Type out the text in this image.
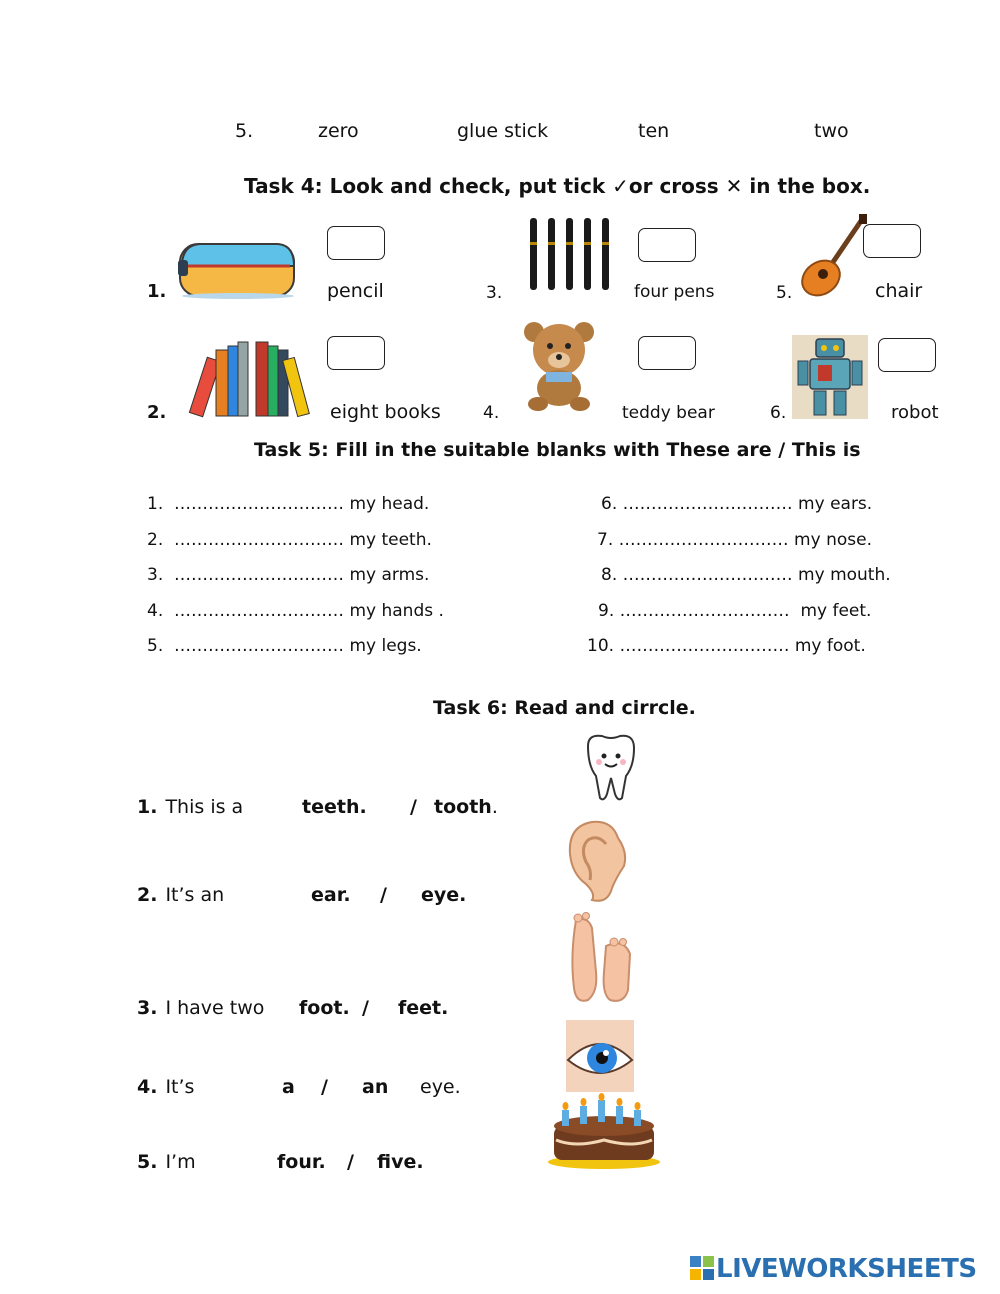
5.	zero	glue stick	ten	two
Task 4: Look and check, put tick ✓or cross ✕ in the box.
1.	pencil
2.	eight books
3.	four pens
4.	teddy bear
5.	chair
6.	robot
Task 5: Fill in the suitable blanks with These are / This is
1. ………………………… my head.
2. ………………………… my teeth.
3. ………………………… my arms.
4. ………………………… my hands .
5. ………………………… my legs.
6. ………………………… my ears.
7. ………………………… my nose.
8. ………………………… my mouth.
9. ………………………… my feet.
10. ………………………… my foot.
Task 6: Read and cirrcle.
1. This is a	teeth. / tooth.
2. It’s an	ear. / eye.
3. I have two foot. / feet.
4. It’s	a / an eye.
5. I’m	four. / five.
LIVEWORKSHEETS
